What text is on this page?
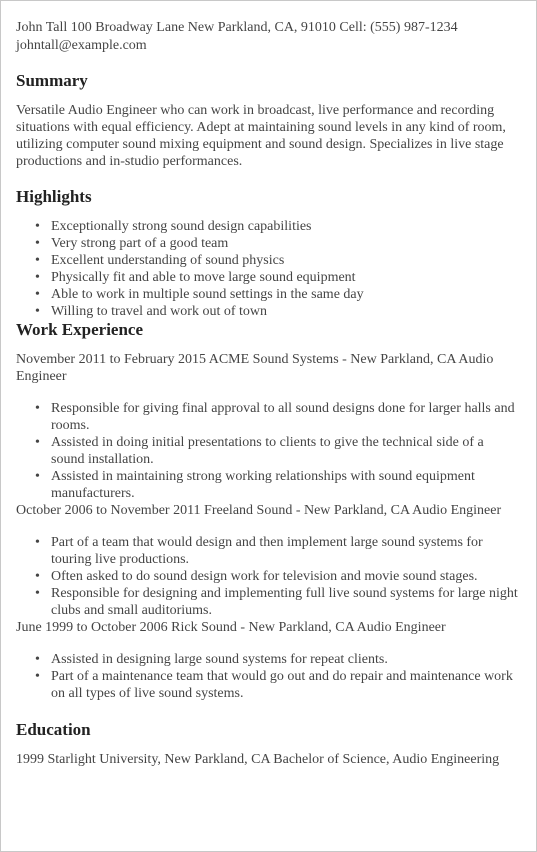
John Tall 100 Broadway Lane New Parkland, CA, 91010 Cell: (555) 987-1234
johntall@example.com
Summary

Versatile Audio Engineer who can work in broadcast, live performance and recording situations with equal efficiency. Adept at maintaining sound levels in any kind of room, utilizing computer sound mixing equipment and sound design. Specializes in live stage productions and in-studio performances.

Highlights
• Exceptionally strong sound design capabilities
• Very strong part of a good team
• Excellent understanding of sound physics
• Physically fit and able to move large sound equipment
• Able to work in multiple sound settings in the same day
• Willing to travel and work out of town
Work Experience
November 2011 to February 2015 ACME Sound Systems - New Parkland, CA Audio Engineer
• Responsible for giving final approval to all sound designs done for larger halls and rooms.
• Assisted in doing initial presentations to clients to give the technical side of a sound installation.
• Assisted in maintaining strong working relationships with sound equipment manufacturers.
October 2006 to November 2011 Freeland Sound - New Parkland, CA Audio Engineer
• Part of a team that would design and then implement large sound systems for touring live productions.
• Often asked to do sound design work for television and movie sound stages.
• Responsible for designing and implementing full live sound systems for large night clubs and small auditoriums.
June 1999 to October 2006 Rick Sound - New Parkland, CA Audio Engineer
• Assisted in designing large sound systems for repeat clients.
• Part of a maintenance team that would go out and do repair and maintenance work on all types of live sound systems.
Education

1999 Starlight University, New Parkland, CA Bachelor of Science, Audio Engineering
